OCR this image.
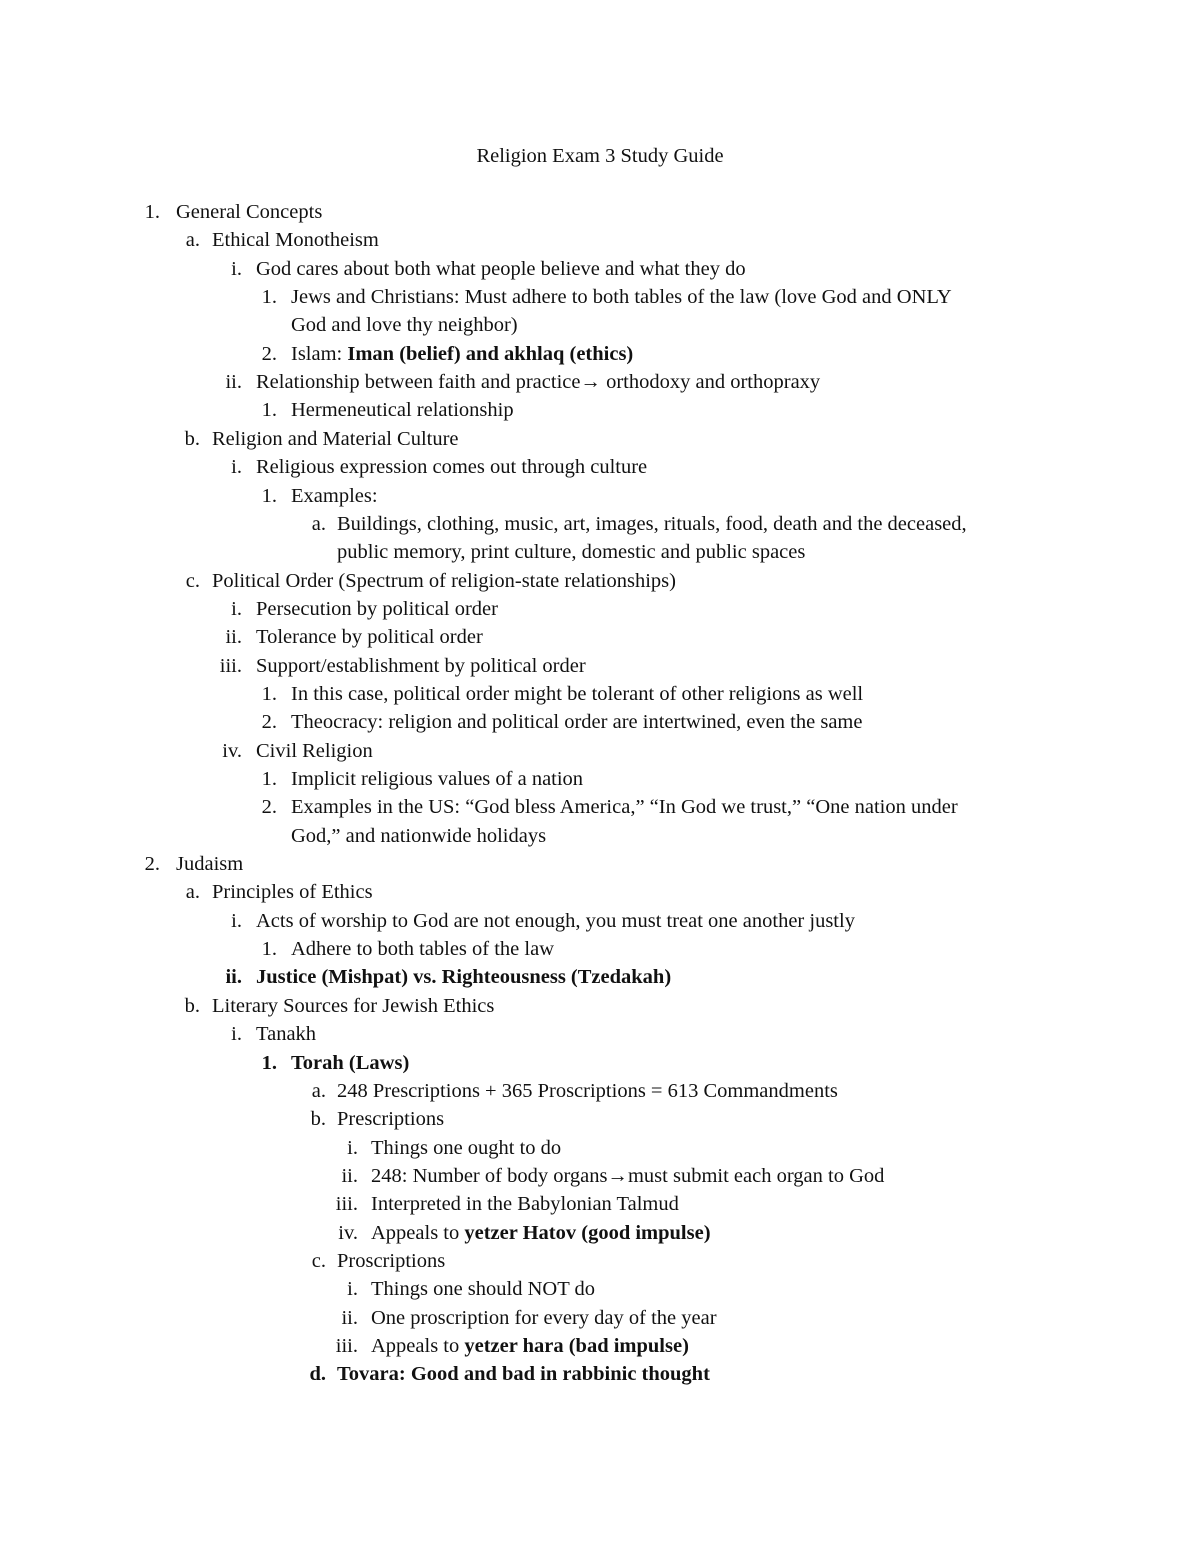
Religion Exam 3 Study Guide
1. General Concepts
a. Ethical Monotheism
i. God cares about both what people believe and what they do
1. Jews and Christians: Must adhere to both tables of the law (love God and ONLY
God and love thy neighbor)
2. Islam: Iman (belief) and akhlaq (ethics)
ii. Relationship between faith and practice→ orthodoxy and orthopraxy
1. Hermeneutical relationship
b. Religion and Material Culture
i. Religious expression comes out through culture
1. Examples:
a. Buildings, clothing, music, art, images, rituals, food, death and the deceased,
public memory, print culture, domestic and public spaces
c. Political Order (Spectrum of religion-state relationships)
i. Persecution by political order
ii. Tolerance by political order
iii. Support/establishment by political order
1. In this case, political order might be tolerant of other religions as well
2. Theocracy: religion and political order are intertwined, even the same
iv. Civil Religion
1. Implicit religious values of a nation
2. Examples in the US: “God bless America,” “In God we trust,” “One nation under
God,” and nationwide holidays
2. Judaism
a. Principles of Ethics
i. Acts of worship to God are not enough, you must treat one another justly
1. Adhere to both tables of the law
ii. Justice (Mishpat) vs. Righteousness (Tzedakah)
b. Literary Sources for Jewish Ethics
i. Tanakh
1. Torah (Laws)
a. 248 Prescriptions + 365 Proscriptions = 613 Commandments
b. Prescriptions
i. Things one ought to do
ii. 248: Number of body organs→must submit each organ to God
iii. Interpreted in the Babylonian Talmud
iv. Appeals to yetzer Hatov (good impulse)
c. Proscriptions
i. Things one should NOT do
ii. One proscription for every day of the year
iii. Appeals to yetzer hara (bad impulse)
d. Tovara: Good and bad in rabbinic thought
